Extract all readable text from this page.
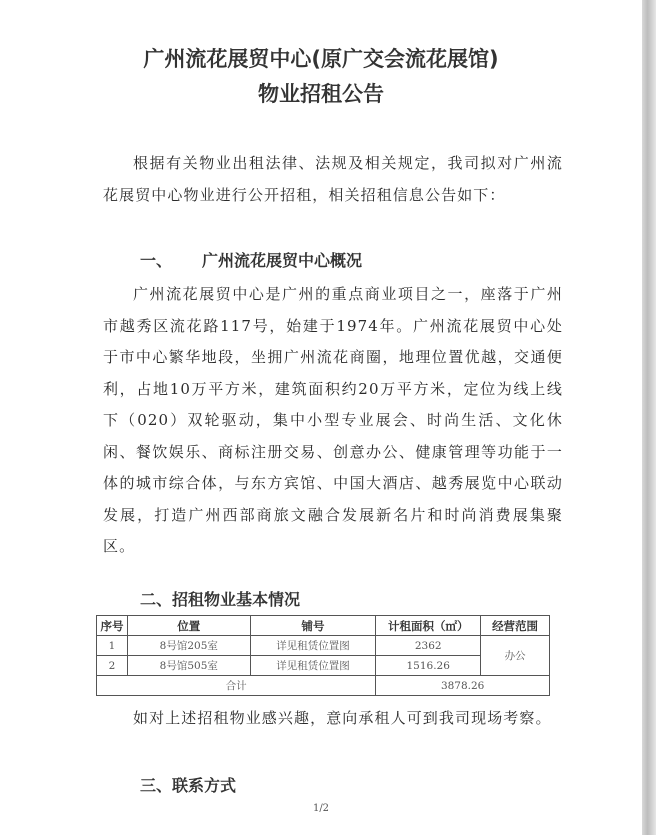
广州流花展贸中心(原广交会流花展馆)
物业招租公告

根据有关物业出租法律、法规及相关规定，我司拟对广州流花展贸中心物业进行公开招租，相关招租信息公告如下：

一、 广州流花展贸中心概况

广州流花展贸中心是广州的重点商业项目之一，座落于广州市越秀区流花路117号，始建于1974年。广州流花展贸中心处于市中心繁华地段，坐拥广州流花商圈，地理位置优越，交通便利，占地10万平方米，建筑面积约20万平方米，定位为线上线下（020）双轮驱动，集中小型专业展会、时尚生活、文化休闲、餐饮娱乐、商标注册交易、创意办公、健康管理等功能于一体的城市综合体，与东方宾馆、中国大酒店、越秀展览中心联动发展，打造广州西部商旅文融合发展新名片和时尚消费展集聚区。

二、招租物业基本情况
序号	位置	铺号	计租面积（㎡）	经营范围
1	8号馆205室	详见租赁位置图	2362	办公
2	8号馆505室	详见租赁位置图	1516.26	
合计			3878.26	

如对上述招租物业感兴趣，意向承租人可到我司现场考察。

三、联系方式
1/2
